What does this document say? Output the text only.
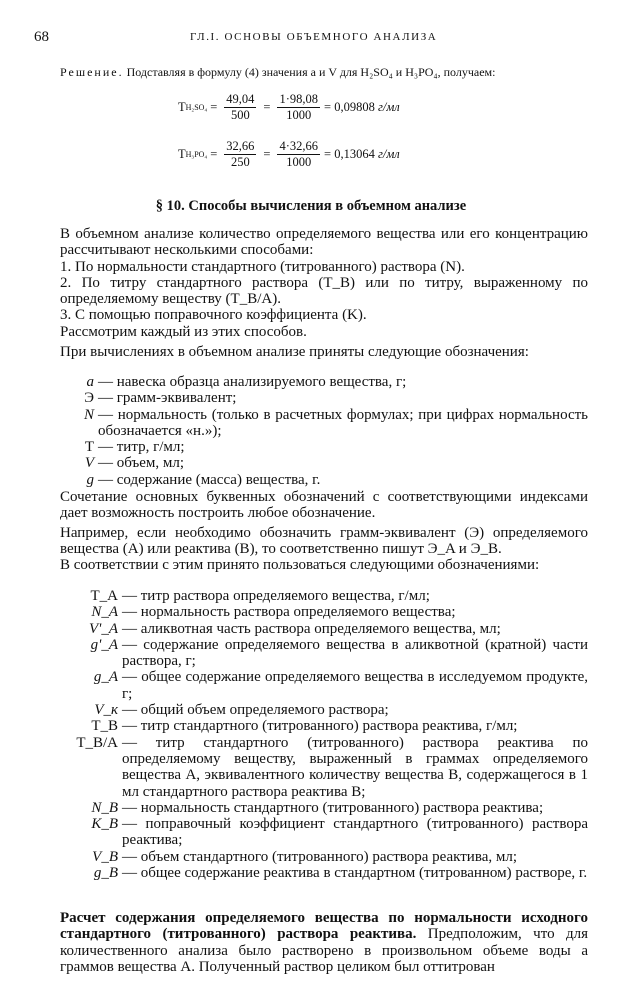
68	ГЛ.I. ОСНОВЫ ОБЪЕМНОГО АНАЛИЗА
Решение. Подставляя в формулу (4) значения a и V для H₂SO₄ и H₃PO₄, получаем:
T $H_2SO_4 = \frac{49,04}{500} = \frac{1\cdot 98,08}{1000} = 0,09808$
г/мл
T $H_3PO_4 = \frac{32,66}{250} = \frac{4\cdot 32,66}{1000} = 0,13064$
г/мл
§ 10. Способы вычисления в объемном анализе

В объемном анализе количество определяемого вещества или его концентрацию рассчитывают несколькими способами:

1. По нормальности стандартного (титрованного) раствора (N).

2. По титру стандартного раствора (T_B) или по титру, выраженному по определяемому веществу (T_B/A).

3. С помощью поправочного коэффициента (K).

Рассмотрим каждый из этих способов.

При вычислениях в объемном анализе приняты следующие обозначения:

a — навеска образца анализируемого вещества, г;
Э — грамм-эквивалент;
N — нормальность (только в расчетных формулах; при цифрах нормальность обозначается «н.»);
T — титр, г/мл;
V — объем, мл;
g — содержание (масса) вещества, г.

Сочетание основных буквенных обозначений с соответствующими индексами дает возможность построить любое обозначение.

Например, если необходимо обозначить грамм-эквивалент (Э) определяемого вещества (А) или реактива (В), то соответственно пишут Э_A и Э_B.

В соответствии с этим принято пользоваться следующими обозначениями:

T_A — титр раствора определяемого вещества, г/мл;
N_A — нормальность раствора определяемого вещества;
V'_A — аликвотная часть раствора определяемого вещества, мл;
g'_A — содержание определяемого вещества в аликвотной (кратной) части раствора, г;
g_A — общее содержание определяемого вещества в исследуемом продукте, г;
V_к — общий объем определяемого раствора;
T_B — титр стандартного (титрованного) раствора реактива, г/мл;
T_B/A — титр стандартного (титрованного) раствора реактива по определяемому веществу, выраженный в граммах определяемого вещества А, эквивалентного количеству вещества В, содержащегося в 1 мл стандартного раствора реактива В;
N_B — нормальность стандартного (титрованного) раствора реактива;
K_B — поправочный коэффициент стандартного (титрованного) раствора реактива;
V_B — объем стандартного (титрованного) раствора реактива, мл;
g_B — общее содержание реактива в стандартном (титрованном) растворе, г.

Расчет содержания определяемого вещества по нормальности исходного стандартного (титрованного) раствора реактива. Предположим, что для количественного анализа было растворено в произвольном объеме воды a граммов вещества А. Полученный раствор целиком был оттитрован
